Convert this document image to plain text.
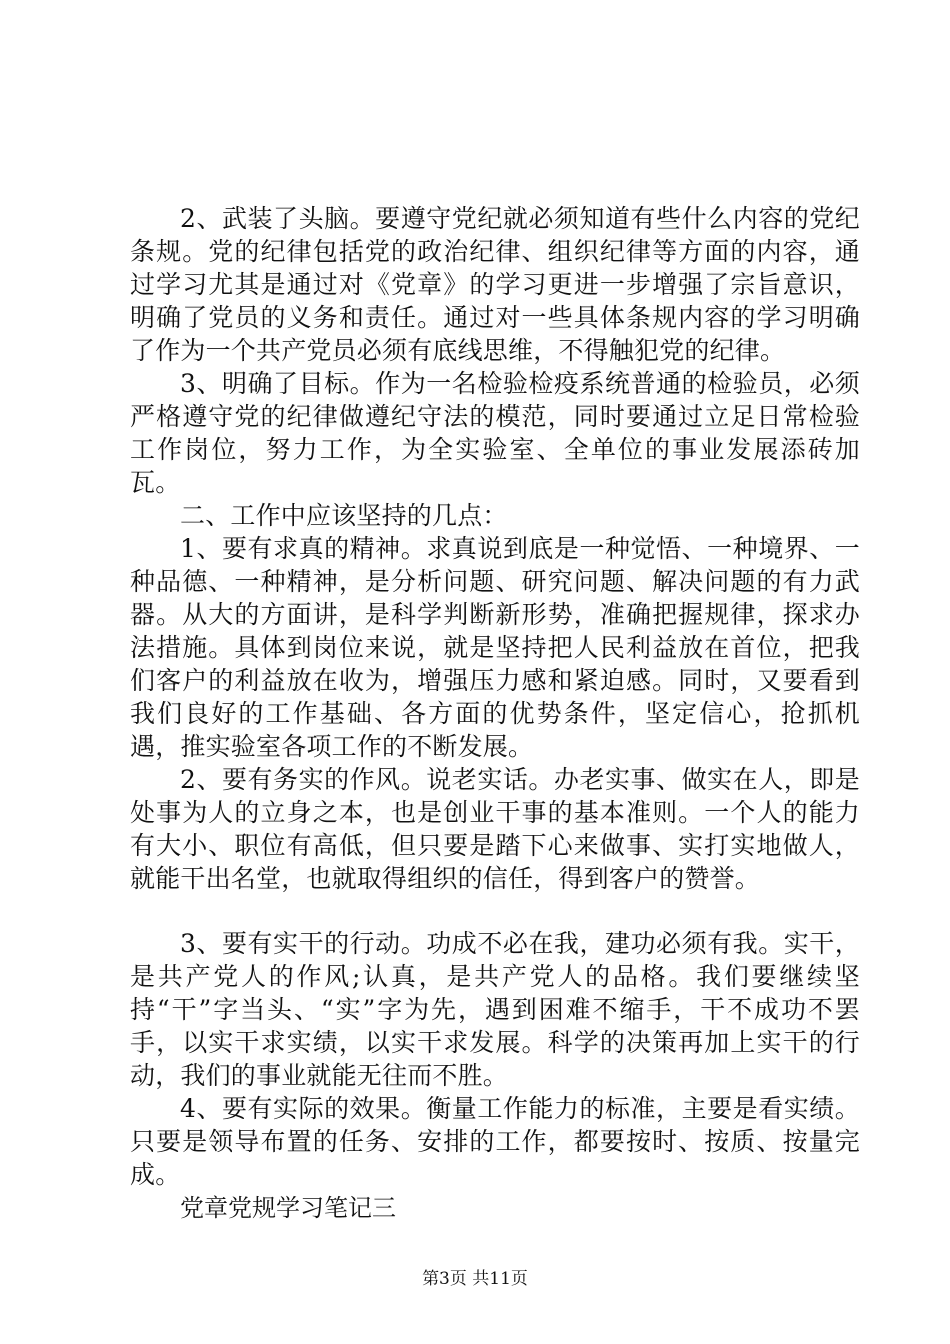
2、武装了头脑。要遵守党纪就必须知道有些什么内容的党纪条规。党的纪律包括党的政治纪律、组织纪律等方面的内容，通过学习尤其是通过对《党章》的学习更进一步增强了宗旨意识，明确了党员的义务和责任。通过对一些具体条规内容的学习明确了作为一个共产党员必须有底线思维，不得触犯党的纪律。

3、明确了目标。作为一名检验检疫系统普通的检验员，必须严格遵守党的纪律做遵纪守法的模范，同时要通过立足日常检验工作岗位，努力工作，为全实验室、全单位的事业发展添砖加瓦。

二、工作中应该坚持的几点：

1、要有求真的精神。求真说到底是一种觉悟、一种境界、一种品德、一种精神，是分析问题、研究问题、解决问题的有力武器。从大的方面讲，是科学判断新形势，准确把握规律，探求办法措施。具体到岗位来说，就是坚持把人民利益放在首位，把我们客户的利益放在收为，增强压力感和紧迫感。同时，又要看到我们良好的工作基础、各方面的优势条件，坚定信心，抢抓机遇，推实验室各项工作的不断发展。

2、要有务实的作风。说老实话。办老实事、做实在人，即是处事为人的立身之本，也是创业干事的基本准则。一个人的能力有大小、职位有高低，但只要是踏下心来做事、实打实地做人，就能干出名堂，也就取得组织的信任，得到客户的赞誉。

3、要有实干的行动。功成不必在我，建功必须有我。实干，是共产党人的作风;认真，是共产党人的品格。我们要继续坚持“干”字当头、“实”字为先，遇到困难不缩手，干不成功不罢手，以实干求实绩，以实干求发展。科学的决策再加上实干的行动，我们的事业就能无往而不胜。

4、要有实际的效果。衡量工作能力的标准，主要是看实绩。只要是领导布置的任务、安排的工作，都要按时、按质、按量完成。

党章党规学习笔记三

第3页 共11页
